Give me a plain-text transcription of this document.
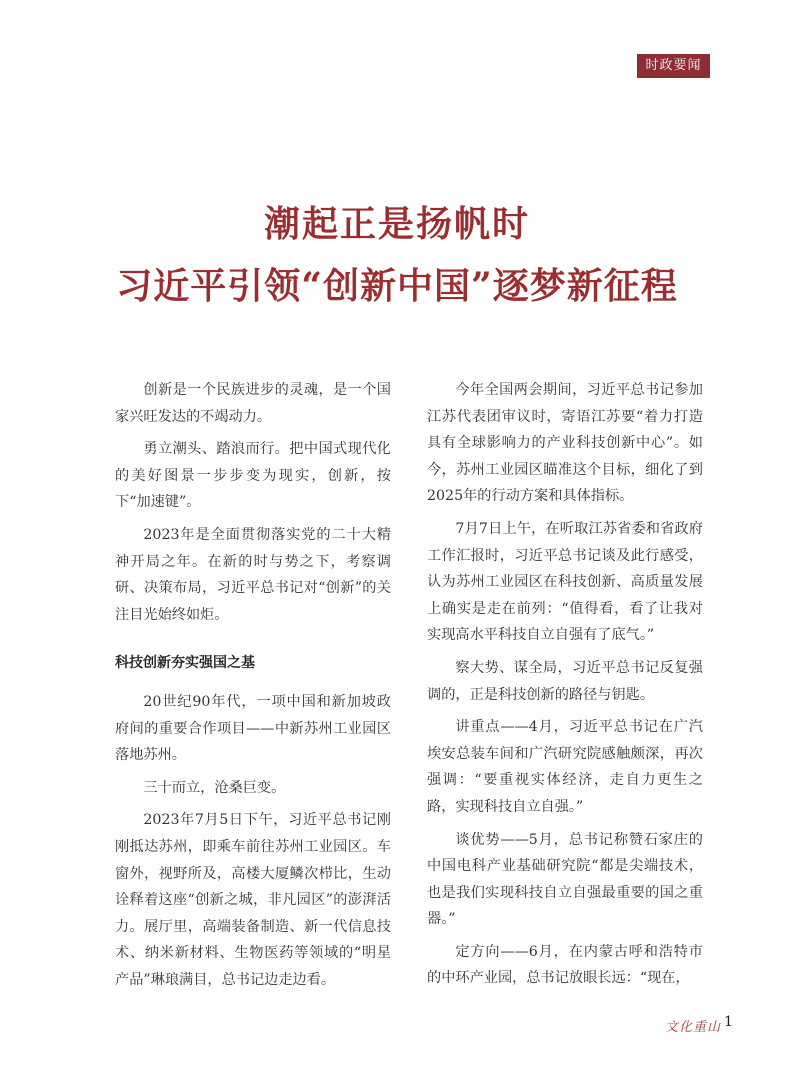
时政要闻
潮起正是扬帆时
习近平引领“创新中国”逐梦新征程

创新是一个民族进步的灵魂，是一个国家兴旺发达的不竭动力。

勇立潮头、踏浪而行。把中国式现代化的美好图景一步步变为现实，创新，按下“加速键”。

2023年是全面贯彻落实党的二十大精神开局之年。在新的时与势之下，考察调研、决策布局，习近平总书记对“创新”的关注目光始终如炬。

科技创新夯实强国之基

20世纪90年代，一项中国和新加坡政府间的重要合作项目——中新苏州工业园区落地苏州。

三十而立，沧桑巨变。

2023年7月5日下午，习近平总书记刚刚抵达苏州，即乘车前往苏州工业园区。车窗外，视野所及，高楼大厦鳞次栉比，生动诠释着这座“创新之城，非凡园区”的澎湃活力。展厅里，高端装备制造、新一代信息技术、纳米新材料、生物医药等领域的“明星产品”琳琅满目，总书记边走边看。

今年全国两会期间，习近平总书记参加江苏代表团审议时，寄语江苏要“着力打造具有全球影响力的产业科技创新中心”。如今，苏州工业园区瞄准这个目标，细化了到2025年的行动方案和具体指标。

7月7日上午，在听取江苏省委和省政府工作汇报时，习近平总书记谈及此行感受，认为苏州工业园区在科技创新、高质量发展上确实是走在前列：“值得看，看了让我对实现高水平科技自立自强有了底气。”

察大势、谋全局，习近平总书记反复强调的，正是科技创新的路径与钥匙。

讲重点——4月，习近平总书记在广汽埃安总装车间和广汽研究院感触颇深，再次强调：“要重视实体经济，走自力更生之路，实现科技自立自强。”

谈优势——5月，总书记称赞石家庄的中国电科产业基础研究院“都是尖端技术，也是我们实现科技自立自强最重要的国之重器。”

定方向——6月，在内蒙古呼和浩特市的中环产业园，总书记放眼长远：“现在，

文化重山 1
